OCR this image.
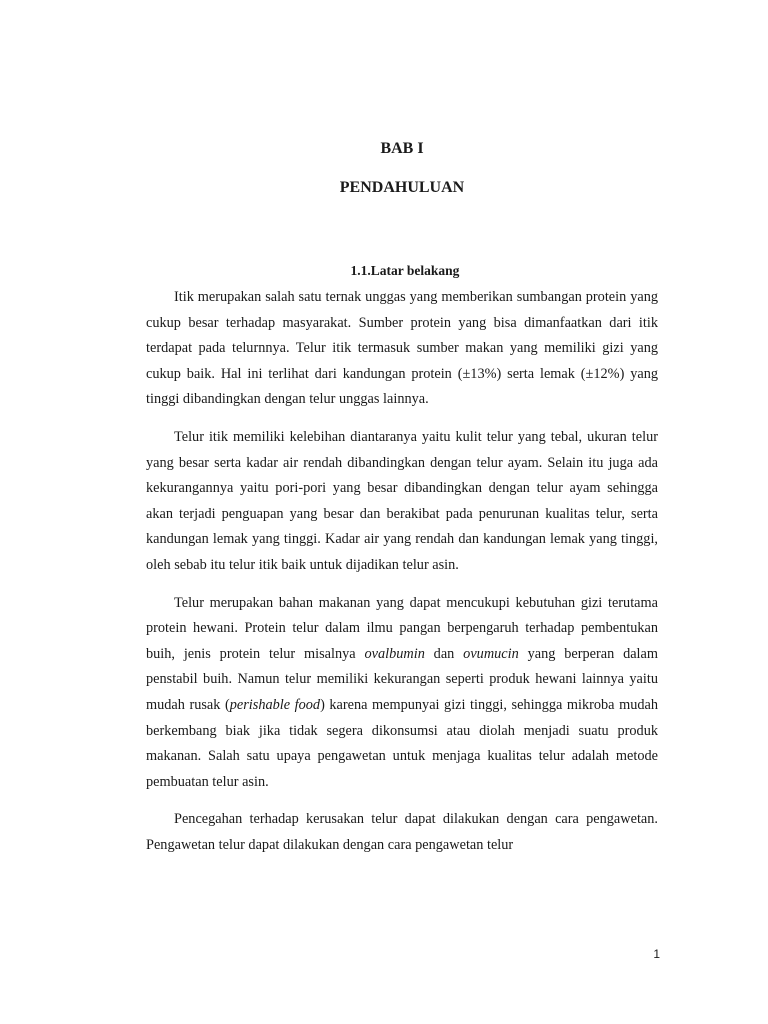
BAB I
PENDAHULUAN
1.1.Latar belakang

Itik merupakan salah satu ternak unggas yang memberikan sumbangan protein yang cukup besar terhadap masyarakat. Sumber protein yang bisa dimanfaatkan dari itik terdapat pada telurnnya. Telur itik termasuk sumber makan yang memiliki gizi yang cukup baik. Hal ini terlihat dari kandungan protein (±13%) serta lemak (±12%) yang tinggi dibandingkan dengan telur unggas lainnya.

Telur itik memiliki kelebihan diantaranya yaitu kulit telur yang tebal, ukuran telur yang besar serta kadar air rendah dibandingkan dengan telur ayam. Selain itu juga ada kekurangannya yaitu pori-pori yang besar dibandingkan dengan telur ayam sehingga akan terjadi penguapan yang besar dan berakibat pada penurunan kualitas telur, serta kandungan lemak yang tinggi. Kadar air yang rendah dan kandungan lemak yang tinggi, oleh sebab itu telur itik baik untuk dijadikan telur asin.

Telur merupakan bahan makanan yang dapat mencukupi kebutuhan gizi terutama protein hewani. Protein telur dalam ilmu pangan berpengaruh terhadap pembentukan buih, jenis protein telur misalnya ovalbumin dan ovumucin yang berperan dalam penstabil buih. Namun telur memiliki kekurangan seperti produk hewani lainnya yaitu mudah rusak (perishable food) karena mempunyai gizi tinggi, sehingga mikroba mudah berkembang biak jika tidak segera dikonsumsi atau diolah menjadi suatu produk makanan. Salah satu upaya pengawetan untuk menjaga kualitas telur adalah metode pembuatan telur asin.

Pencegahan terhadap kerusakan telur dapat dilakukan dengan cara pengawetan. Pengawetan telur dapat dilakukan dengan cara pengawetan telur

1
